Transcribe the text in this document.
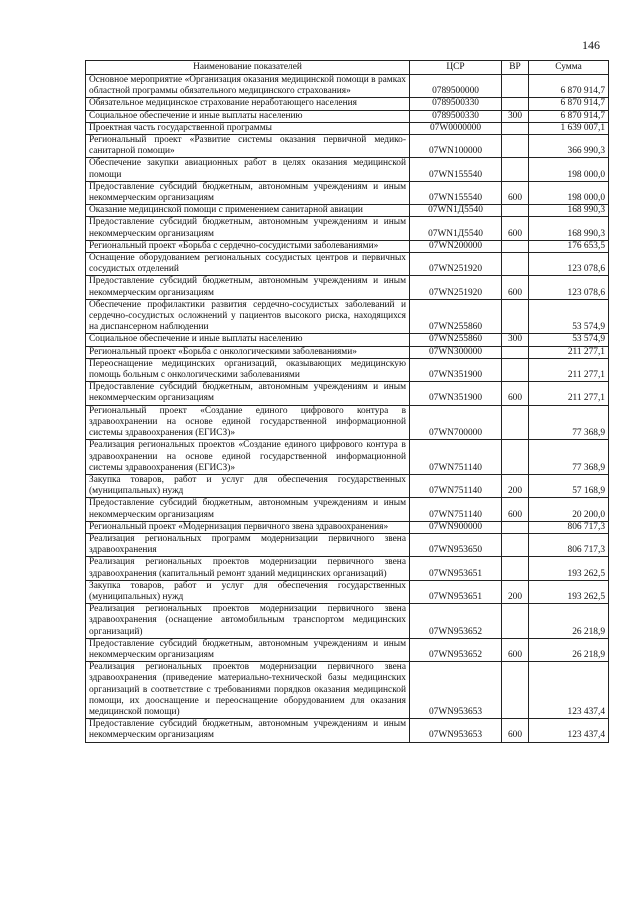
146
Наименование показателей	ЦСР	ВР	Сумма
Основное мероприятие «Организация оказания медицинской помощи в рамках областной программы обязательного медицинского страхования»	0789500000		6 870 914,7
Обязательное медицинское страхование неработающего населения	0789500330		6 870 914,7
Социальное обеспечение и иные выплаты населению	0789500330	300	6 870 914,7
Проектная часть государственной программы	07W0000000		1 639 007,1
Региональный проект «Развитие системы оказания первичной медико-санитарной помощи»	07WN100000		366 990,3
Обеспечение закупки авиационных работ в целях оказания медицинской помощи	07WN155540		198 000,0
Предоставление субсидий бюджетным, автономным учреждениям и иным некоммерческим организациям	07WN155540	600	198 000,0
Оказание медицинской помощи с применением санитарной авиации	07WN1Д5540		168 990,3
Предоставление субсидий бюджетным, автономным учреждениям и иным некоммерческим организациям	07WN1Д5540	600	168 990,3
Региональный проект «Борьба с сердечно-сосудистыми заболеваниями»	07WN200000		176 653,5
Оснащение оборудованием региональных сосудистых центров и первичных сосудистых отделений	07WN251920		123 078,6
Предоставление субсидий бюджетным, автономным учреждениям и иным некоммерческим организациям	07WN251920	600	123 078,6
Обеспечение профилактики развития сердечно-сосудистых заболеваний и сердечно-сосудистых осложнений у пациентов высокого риска, находящихся на диспансерном наблюдении	07WN255860		53 574,9
Социальное обеспечение и иные выплаты населению	07WN255860	300	53 574,9
Региональный проект «Борьба с онкологическими заболеваниями»	07WN300000		211 277,1
Переоснащение медицинских организаций, оказывающих медицинскую помощь больным с онкологическими заболеваниями	07WN351900		211 277,1
Предоставление субсидий бюджетным, автономным учреждениям и иным некоммерческим организациям	07WN351900	600	211 277,1
Региональный проект «Создание единого цифрового контура в здравоохранении на основе единой государственной информационной системы здравоохранения (ЕГИСЗ)»	07WN700000		77 368,9
Реализация региональных проектов «Создание единого цифрового контура в здравоохранении на основе единой государственной информационной системы здравоохранения (ЕГИСЗ)»	07WN751140		77 368,9
Закупка товаров, работ и услуг для обеспечения государственных (муниципальных) нужд	07WN751140	200	57 168,9
Предоставление субсидий бюджетным, автономным учреждениям и иным некоммерческим организациям	07WN751140	600	20 200,0
Региональный проект «Модернизация первичного звена здравоохранения»	07WN900000		806 717,3
Реализация региональных программ модернизации первичного звена здравоохранения	07WN953650		806 717,3
Реализация региональных проектов модернизации первичного звена здравоохранения (капитальный ремонт зданий медицинских организаций)	07WN953651		193 262,5
Закупка товаров, работ и услуг для обеспечения государственных (муниципальных) нужд	07WN953651	200	193 262,5
Реализация региональных проектов модернизации первичного звена здравоохранения (оснащение автомобильным транспортом медицинских организаций)	07WN953652		26 218,9
Предоставление субсидий бюджетным, автономным учреждениям и иным некоммерческим организациям	07WN953652	600	26 218,9
Реализация региональных проектов модернизации первичного звена здравоохранения (приведение материально-технической базы медицинских организаций в соответствие с требованиями порядков оказания медицинской помощи, их дооснащение и переоснащение оборудованием для оказания медицинской помощи)	07WN953653		123 437,4
Предоставление субсидий бюджетным, автономным учреждениям и иным некоммерческим организациям	07WN953653	600	123 437,4
